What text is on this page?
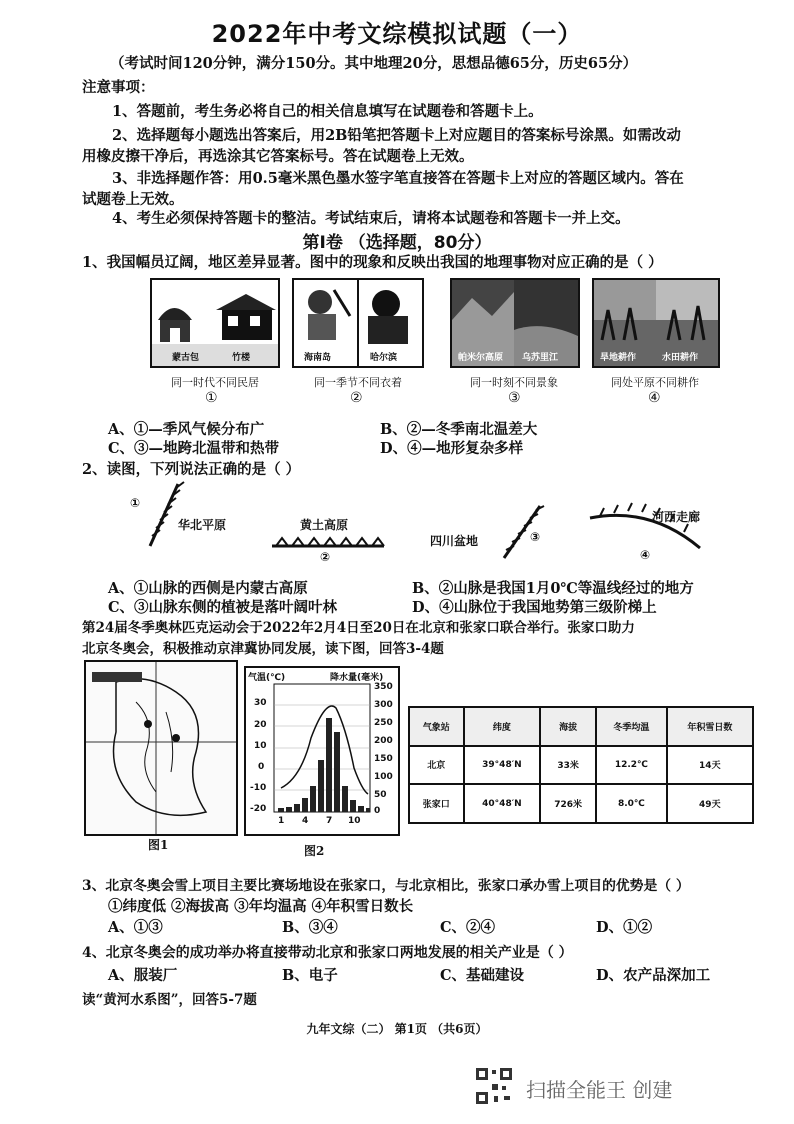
2022年中考文综模拟试题（一）
（考试时间120分钟，满分150分。其中地理20分，思想品德65分，历史65分）
注意事项：
1、答题前，考生务必将自己的相关信息填写在试题卷和答题卡上。
2、选择题每小题选出答案后，用2B铅笔把答题卡上对应题目的答案标号涂黑。如需改动
用橡皮擦干净后，再选涂其它答案标号。答在试题卷上无效。
3、非选择题作答：用0.5毫米黑色墨水签字笔直接答在答题卡上对应的答题区域内。答在
试题卷上无效。
4、考生必须保持答题卡的整洁。考试结束后，请将本试题卷和答题卡一并上交。
第Ⅰ卷 （选择题，80分）
1、我国幅员辽阔，地区差异显著。图中的现象和反映出我国的地理事物对应正确的是（ ）
蒙古包	竹楼
同一时代不同民居
①
海南岛	哈尔滨
同一季节不同衣着
②
帕米尔高原 乌苏里江
同一时刻不同景象
③
旱地耕作	水田耕作
同处平原不同耕作
④
A、①—季风气候分布广	B、②—冬季南北温差大
C、③—地跨北温带和热带	D、④—地形复杂多样
2、读图，下列说法正确的是（ ）
①
华北平原	黄土高原
②
四川盆地	③
河西走廊
④
A、①山脉的西侧是内蒙古高原	B、②山脉是我国1月0℃等温线经过的地方
C、③山脉东侧的植被是落叶阔叶林	D、④山脉位于我国地势第三级阶梯上
第24届冬季奥林匹克运动会于2022年2月4日至20日在北京和张家口联合举行。张家口助力
北京冬奥会，积极推动京津冀协同发展，读下图，回答3-4题
图1
气温(℃)	降水量(毫米)
30
20
10
0
-10
-20
350
300
250
200
150
100
50
0
1 4 7 10
图2
气象站	纬度	海拔	冬季均温	年积雪日数
北京	39°48′N	33米	12.2℃	14天
张家口	40°48′N	726米	8.0℃	49天
3、北京冬奥会雪上项目主要比赛场地设在张家口，与北京相比，张家口承办雪上项目的优势是（ ）
①纬度低 ②海拔高 ③年均温高 ④年积雪日数长
A、①③	B、③④	C、②④	D、①②
4、北京冬奥会的成功举办将直接带动北京和张家口两地发展的相关产业是（ ）
A、服装厂	B、电子	C、基础建设	D、农产品深加工
读“黄河水系图”，回答5-7题
九年文综（二） 第1页 （共6页）
扫描全能王 创建
